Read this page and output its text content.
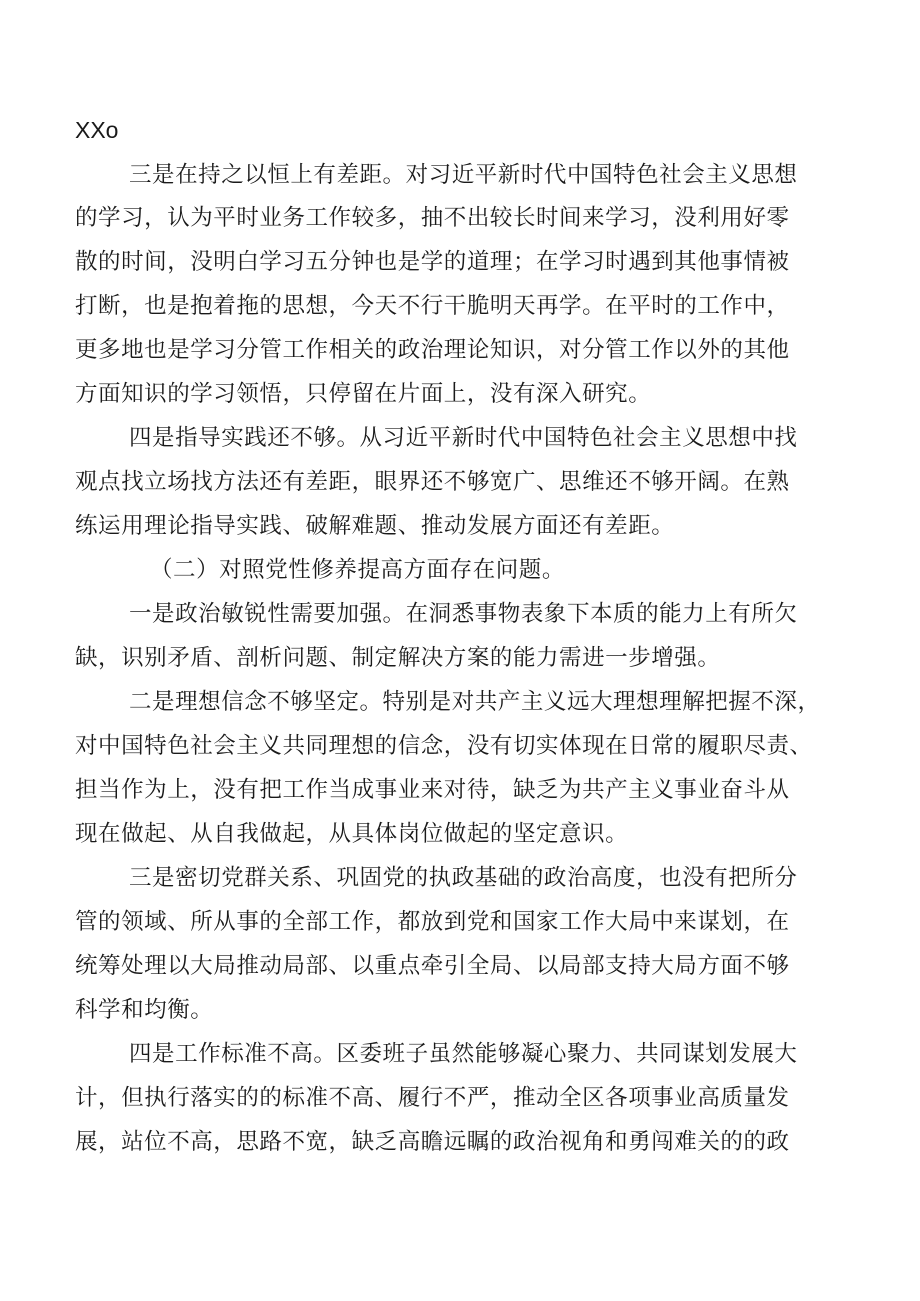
XXo
三是在持之以恒上有差距。对习近平新时代中国特色社会主义思想
的学习，认为平时业务工作较多，抽不出较长时间来学习，没利用好零
散的时间，没明白学习五分钟也是学的道理；在学习时遇到其他事情被
打断，也是抱着拖的思想，今天不行干脆明天再学。在平时的工作中，
更多地也是学习分管工作相关的政治理论知识，对分管工作以外的其他
方面知识的学习领悟，只停留在片面上，没有深入研究。
四是指导实践还不够。从习近平新时代中国特色社会主义思想中找
观点找立场找方法还有差距，眼界还不够宽广、思维还不够开阔。在熟
练运用理论指导实践、破解难题、推动发展方面还有差距。
（二）对照党性修养提高方面存在问题。
一是政治敏锐性需要加强。在洞悉事物表象下本质的能力上有所欠
缺，识别矛盾、剖析问题、制定解决方案的能力需进一步增强。
二是理想信念不够坚定。特别是对共产主义远大理想理解把握不深，
对中国特色社会主义共同理想的信念，没有切实体现在日常的履职尽责、
担当作为上，没有把工作当成事业来对待，缺乏为共产主义事业奋斗从
现在做起、从自我做起，从具体岗位做起的坚定意识。
三是密切党群关系、巩固党的执政基础的政治高度，也没有把所分
管的领域、所从事的全部工作，都放到党和国家工作大局中来谋划，在
统筹处理以大局推动局部、以重点牵引全局、以局部支持大局方面不够
科学和均衡。
四是工作标准不高。区委班子虽然能够凝心聚力、共同谋划发展大
计，但执行落实的的标准不高、履行不严，推动全区各项事业高质量发
展，站位不高，思路不宽，缺乏高瞻远瞩的政治视角和勇闯难关的的政
